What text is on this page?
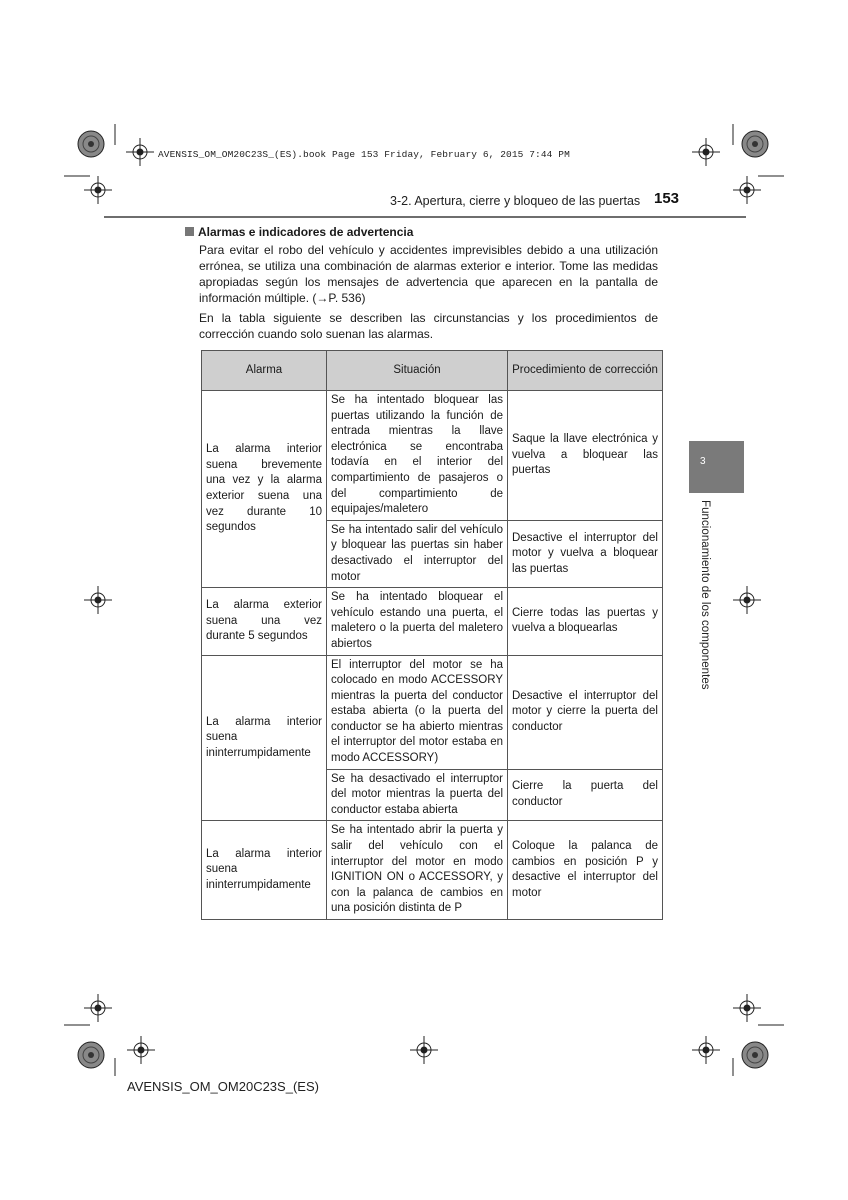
AVENSIS_OM_OM20C23S_(ES).book Page 153 Friday, February 6, 2015 7:44 PM
3-2. Apertura, cierre y bloqueo de las puertas 153
3
Funcionamiento de los componentes
Alarmas e indicadores de advertencia
Para evitar el robo del vehículo y accidentes imprevisibles debido a una utilización errónea, se utiliza una combinación de alarmas exterior e interior. Tome las medidas apropiadas según los mensajes de advertencia que aparecen en la pantalla de información múltiple. (→P. 536)
En la tabla siguiente se describen las circunstancias y los procedimientos de corrección cuando solo suenan las alarmas.
Alarma	Situación	Procedimiento de corrección
La alarma interior suena brevemente una vez y la alarma exterior suena una vez durante 10 segundos	Se ha intentado bloquear las puertas utilizando la función de entrada mientras la llave electrónica se encontraba todavía en el interior del compartimiento de pasajeros o del compartimiento de equipajes/maletero	Saque la llave electrónica y vuelva a bloquear las puertas
	Se ha intentado salir del vehículo y bloquear las puertas sin haber desactivado el interruptor del motor	Desactive el interruptor del motor y vuelva a bloquear las puertas
La alarma exterior suena una vez durante 5 segundos	Se ha intentado bloquear el vehículo estando una puerta, el maletero o la puerta del maletero abiertos	Cierre todas las puertas y vuelva a bloquearlas
La alarma interior suena ininterrumpidamente	El interruptor del motor se ha colocado en modo ACCESSORY mientras la puerta del conductor estaba abierta (o la puerta del conductor se ha abierto mientras el interruptor del motor estaba en modo ACCESSORY)	Desactive el interruptor del motor y cierre la puerta del conductor
	Se ha desactivado el interruptor del motor mientras la puerta del conductor estaba abierta	Cierre la puerta del conductor
La alarma interior suena ininterrumpidamente	Se ha intentado abrir la puerta y salir del vehículo con el interruptor del motor en modo IGNITION ON o ACCESSORY, y con la palanca de cambios en una posición distinta de P	Coloque la palanca de cambios en posición P y desactive el interruptor del motor
AVENSIS_OM_OM20C23S_(ES)
